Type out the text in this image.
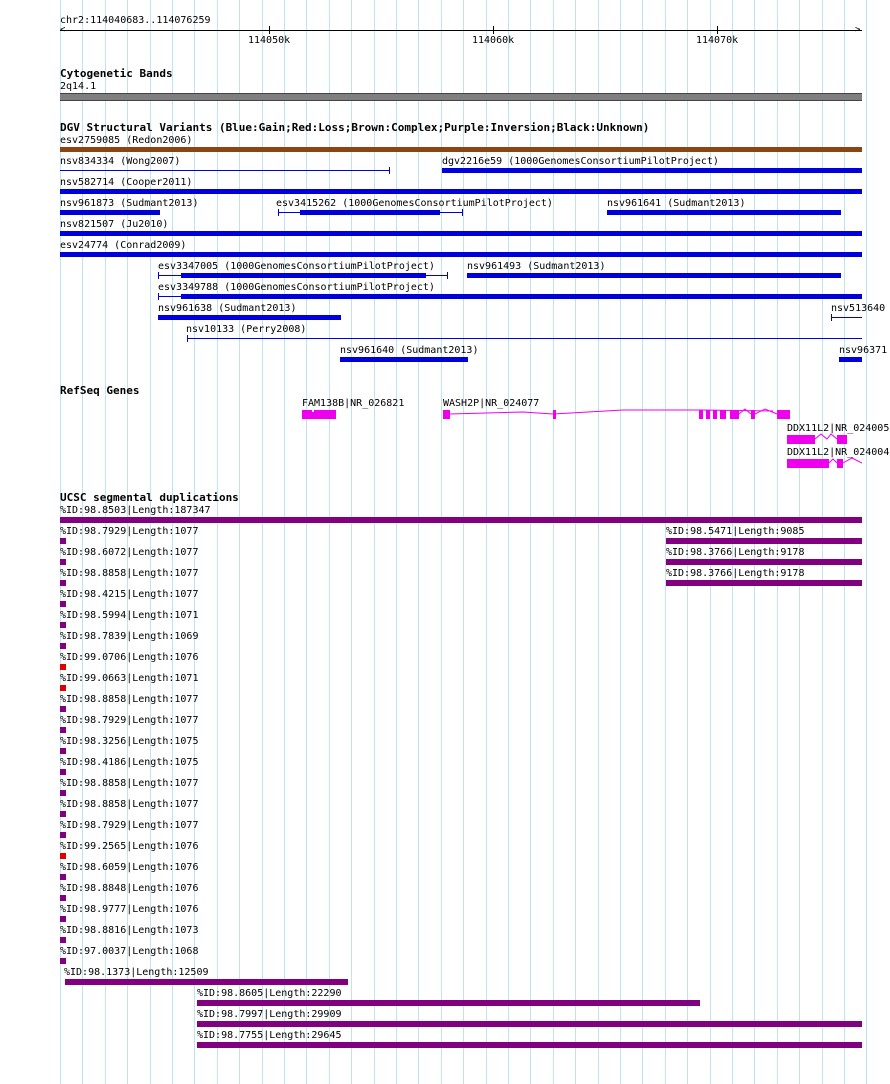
chr2:114040683..114076259
<	>
114050k	114060k	114070k
Cytogenetic Bands
2q14.1
DGV Structural Variants (Blue:Gain;Red:Loss;Brown:Complex;Purple:Inversion;Black:Unknown)
esv2759085 (Redon2006)
nsv834334 (Wong2007)	dgv2216e59 (1000GenomesConsortiumPilotProject)
nsv582714 (Cooper2011)
nsv961873 (Sudmant2013)	esv3415262 (1000GenomesConsortiumPilotProject)	nsv961641 (Sudmant2013)
nsv821507 (Ju2010)
esv24774 (Conrad2009)
esv3347005 (1000GenomesConsortiumPilotProject)	nsv961493 (Sudmant2013)
esv3349788 (1000GenomesConsortiumPilotProject)
nsv961638 (Sudmant2013)	nsv513640
nsv10133 (Perry2008)
nsv961640 (Sudmant2013)	nsv96371
RefSeq Genes
FAM138B|NR_026821	WASH2P|NR_024077
DDX11L2|NR_024005
DDX11L2|NR_024004
UCSC segmental duplications
%ID:98.8503|Length:187347
%ID:98.7929|Length:1077	%ID:98.5471|Length:9085
%ID:98.6072|Length:1077	%ID:98.3766|Length:9178
%ID:98.8858|Length:1077	%ID:98.3766|Length:9178
%ID:98.4215|Length:1077
%ID:98.5994|Length:1071
%ID:98.7839|Length:1069
%ID:99.0706|Length:1076
%ID:99.0663|Length:1071
%ID:98.8858|Length:1077
%ID:98.7929|Length:1077
%ID:98.3256|Length:1075
%ID:98.4186|Length:1075
%ID:98.8858|Length:1077
%ID:98.8858|Length:1077
%ID:98.7929|Length:1077
%ID:99.2565|Length:1076
%ID:98.6059|Length:1076
%ID:98.8848|Length:1076
%ID:98.9777|Length:1076
%ID:98.8816|Length:1073
%ID:97.0037|Length:1068
%ID:98.1373|Length:12509
%ID:98.8605|Length:22290
%ID:98.7997|Length:29909
%ID:98.7755|Length:29645
